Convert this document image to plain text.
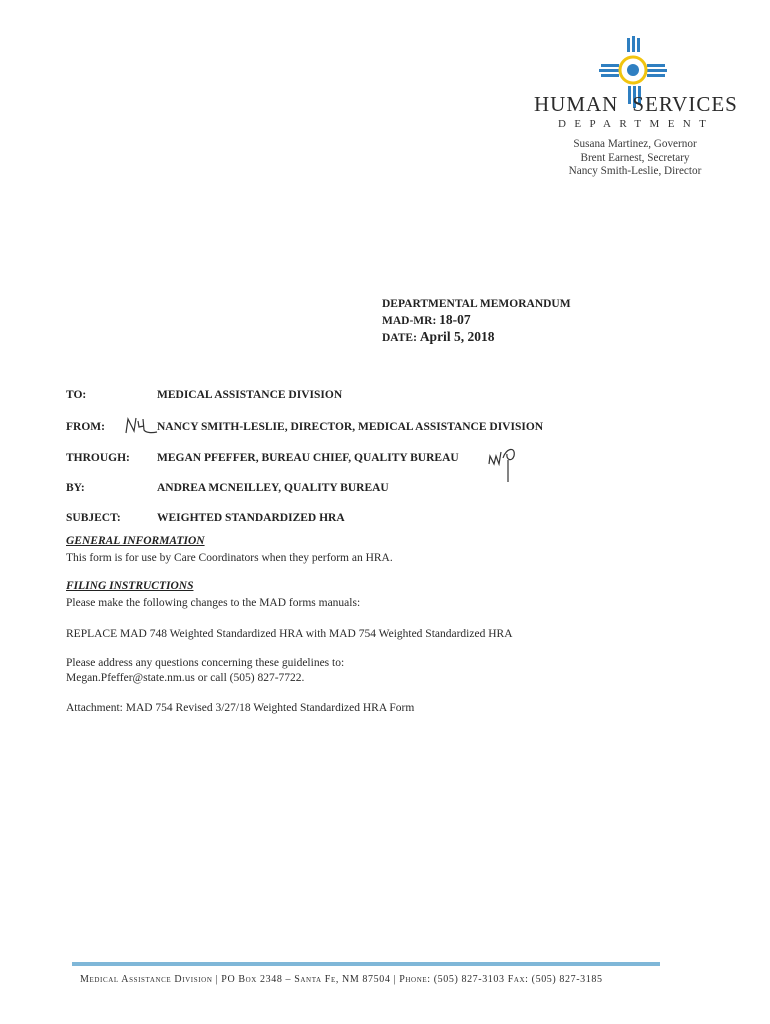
HUMAN SERVICES
DEPARTMENT
Susana Martinez, Governor
Brent Earnest, Secretary
Nancy Smith-Leslie, Director
DEPARTMENTAL MEMORANDUM
MAD-MR: 18-07
DATE: April 5, 2018
TO:	MEDICAL ASSISTANCE DIVISION
FROM:	NANCY SMITH-LESLIE, DIRECTOR, MEDICAL ASSISTANCE DIVISION
THROUGH: MEGAN PFEFFER, BUREAU CHIEF, QUALITY BUREAU
BY:	ANDREA MCNEILLEY, QUALITY BUREAU
SUBJECT:	WEIGHTED STANDARDIZED HRA
GENERAL INFORMATION
This form is for use by Care Coordinators when they perform an HRA.
FILING INSTRUCTIONS
Please make the following changes to the MAD forms manuals:
REPLACE MAD 748 Weighted Standardized HRA with MAD 754 Weighted Standardized HRA
Please address any questions concerning these guidelines to:
Megan.Pfeffer@state.nm.us or call (505) 827-7722.
Attachment: MAD 754 Revised 3/27/18 Weighted Standardized HRA Form
Medical Assistance Division | PO Box 2348 – Santa Fe, NM 87504 | Phone: (505) 827-3103 Fax: (505) 827-3185
